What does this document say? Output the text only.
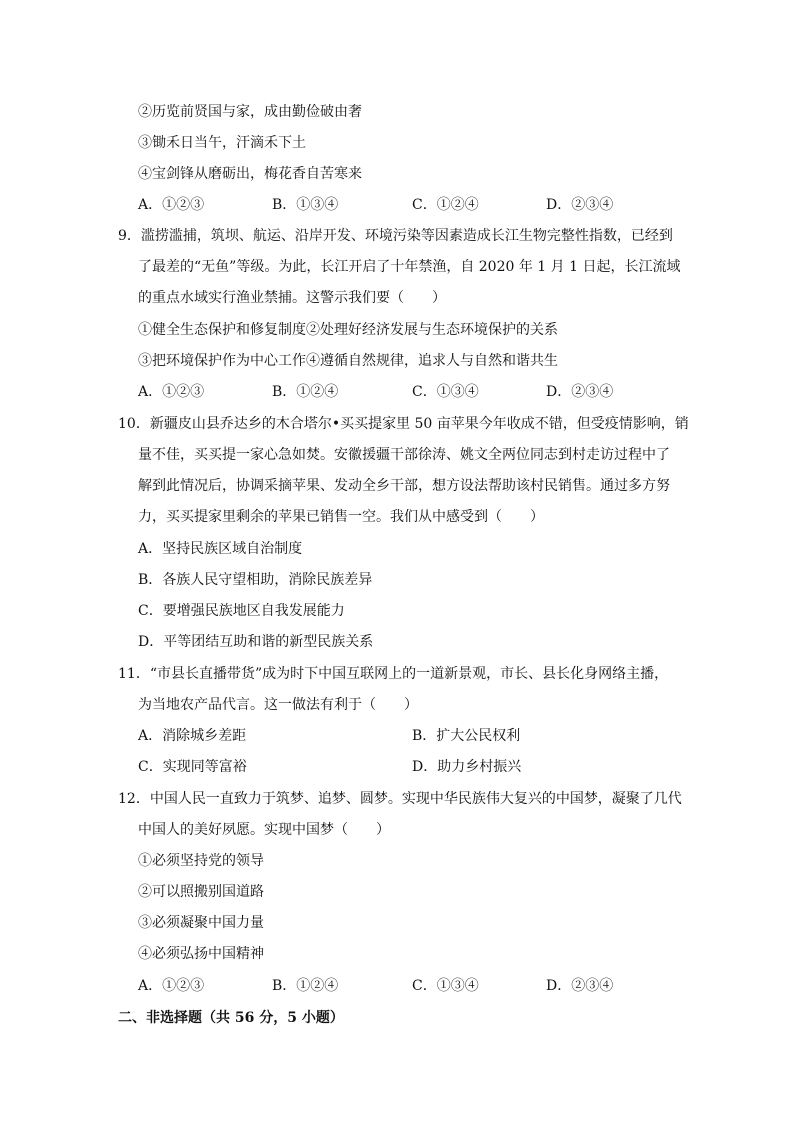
②历览前贤国与家，成由勤俭破由奢
③锄禾日当午，汗滴禾下土
④宝剑锋从磨砺出，梅花香自苦寒来
A．①②③	B．①③④	C．①②④	D．②③④
9．滥捞滥捕，筑坝、航运、沿岸开发、环境污染等因素造成长江生物完整性指数，已经到
了最差的“无鱼”等级。为此，长江开启了十年禁渔，自 2020 年 1 月 1 日起，长江流域
的重点水域实行渔业禁捕。这警示我们要（　　）
①健全生态保护和修复制度②处理好经济发展与生态环境保护的关系
③把环境保护作为中心工作④遵循自然规律，追求人与自然和谐共生
A．①②③	B．①②④	C．①③④	D．②③④
10．新疆皮山县乔达乡的木合塔尔•买买提家里 50 亩苹果今年收成不错，但受疫情影响，销
量不佳，买买提一家心急如焚。安徽援疆干部徐涛、姚文全两位同志到村走访过程中了
解到此情况后，协调采摘苹果、发动全乡干部，想方设法帮助该村民销售。通过多方努
力，买买提家里剩余的苹果已销售一空。我们从中感受到（　　）
A．坚持民族区域自治制度
B．各族人民守望相助，消除民族差异
C．要增强民族地区自我发展能力
D．平等团结互助和谐的新型民族关系
11．“市县长直播带货”成为时下中国互联网上的一道新景观，市长、县长化身网络主播，
为当地农产品代言。这一做法有利于（　　）
A．消除城乡差距	B．扩大公民权利
C．实现同等富裕	D．助力乡村振兴
12．中国人民一直致力于筑梦、追梦、圆梦。实现中华民族伟大复兴的中国梦，凝聚了几代
中国人的美好夙愿。实现中国梦（　　）
①必须坚持党的领导
②可以照搬别国道路
③必须凝聚中国力量
④必须弘扬中国精神
A．①②③	B．①②④	C．①③④	D．②③④
二、非选择题（共 56 分，5 小题）
